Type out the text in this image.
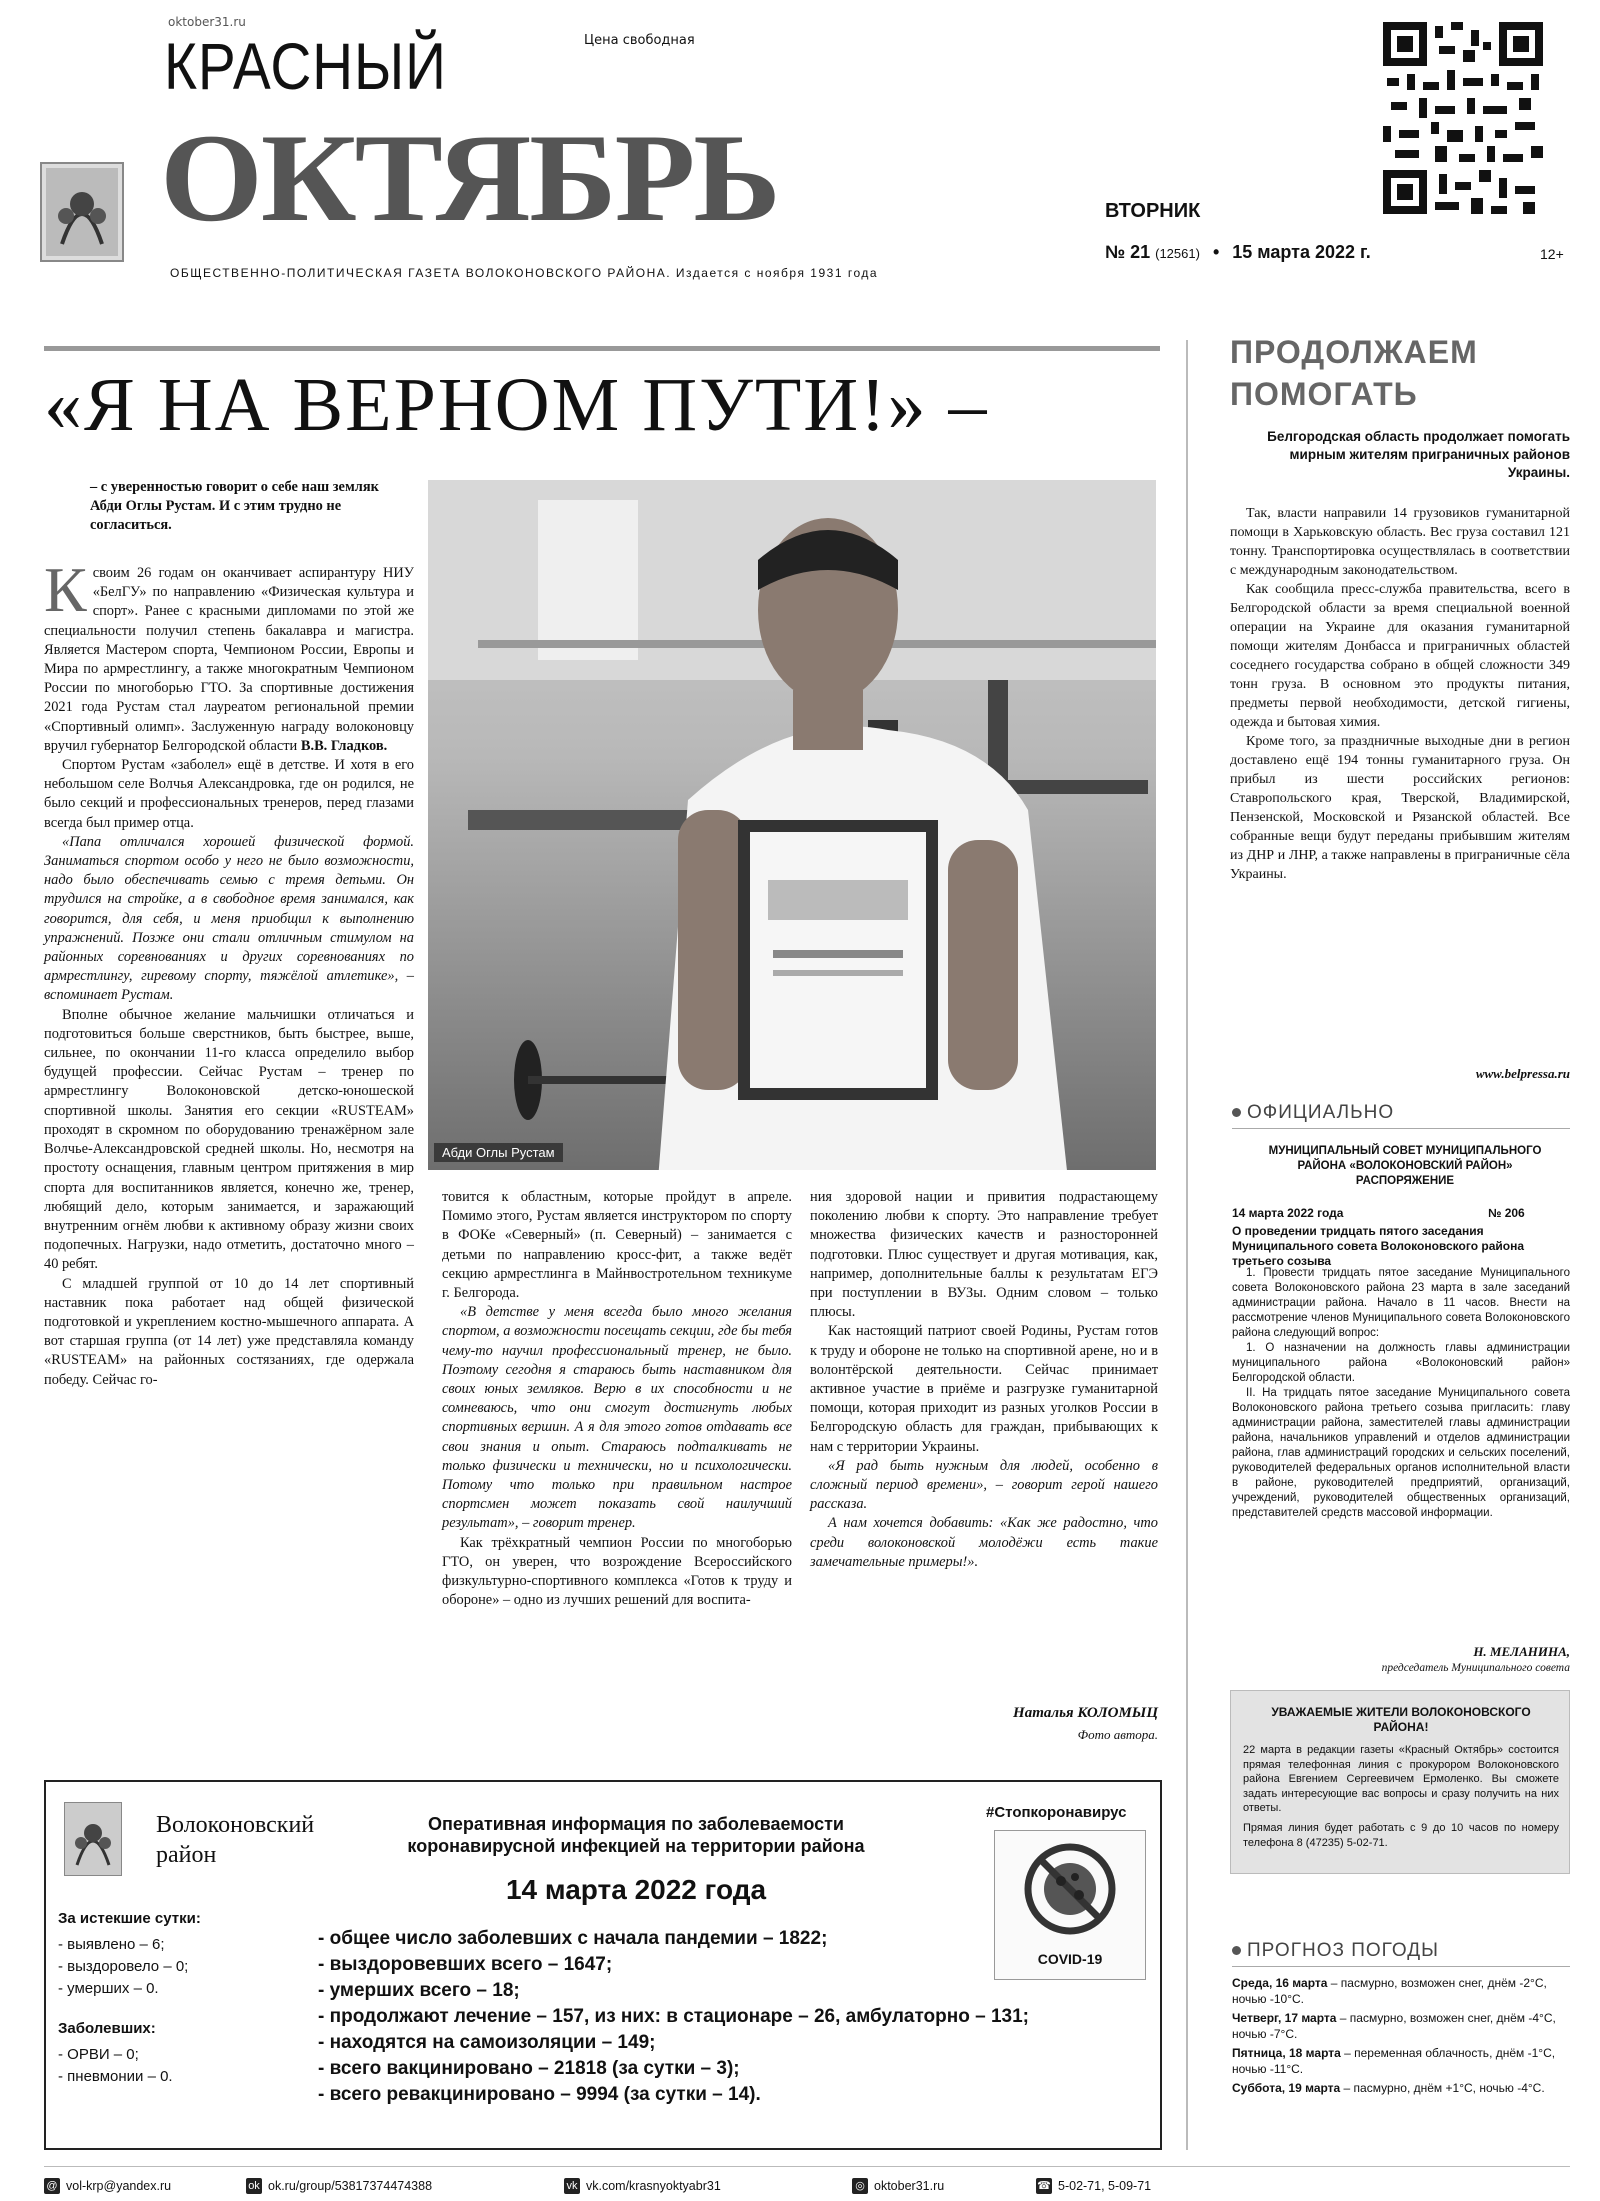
oktober31.ru
КРАСНЫЙ	Цена свободная
ОКТЯБРЬ	ВТОРНИК
№ 21 (12561) • 15 марта 2022 г.	12+
ОБЩЕСТВЕННО-ПОЛИТИЧЕСКАЯ ГАЗЕТА ВОЛОКОНОВСКОГО РАЙОНА. Издается с ноября 1931 года
«Я НА ВЕРНОМ ПУТИ!» –
– с уверенностью говорит о себе наш земляк Абди Оглы Рустам. И с этим трудно не согласиться.
Абди Оглы Рустам

Ксвоим 26 годам он оканчивает аспирантуру НИУ «БелГУ» по направлению «Физическая культура и спорт». Ранее с красными дипломами по этой же специальности получил степень бакалавра и магистра. Является Мастером спорта, Чемпионом России, Европы и Мира по армрестлингу, а также многократным Чемпионом России по многоборью ГТО. За спортивные достижения 2021 года Рустам стал лауреатом региональной премии «Спортивный олимп». Заслуженную награду волоконовцу вручил губернатор Белгородской области В.В. Гладков.

Спортом Рустам «заболел» ещё в детстве. И хотя в его небольшом селе Волчья Александровка, где он родился, не было секций и профессиональных тренеров, перед глазами всегда был пример отца.

«Папа отличался хорошей физической формой. Заниматься спортом особо у него не было возможности, надо было обеспечивать семью с тремя детьми. Он трудился на стройке, а в свободное время занимался, как говорится, для себя, и меня приобщил к выполнению упражнений. Позже они стали отличным стимулом на районных соревнованиях и других соревнованиях по армрестлингу, гиревому спорту, тяжёлой атлетике», – вспоминает Рустам.

Вполне обычное желание мальчишки отличаться и подготовиться больше сверстников, быть быстрее, выше, сильнее, по окончании 11-го класса определило выбор будущей профессии. Сейчас Рустам – тренер по армрестлингу Волоконовской детско-юношеской спортивной школы. Занятия его секции «RUSTEAM» проходят в скромном по оборудованию тренажёрном зале Волчье-Александровской средней школы. Но, несмотря на простоту оснащения, главным центром притяжения в мир спорта для воспитанников является, конечно же, тренер, любящий дело, которым занимается, и заражающий внутренним огнём любви к активному образу жизни своих подопечных. Нагрузки, надо отметить, достаточно много – 40 ребят.

С младшей группой от 10 до 14 лет спортивный наставник пока работает над общей физической подготовкой и укреплением костно-мышечного аппарата. А вот старшая группа (от 14 лет) уже представляла команду «RUSTEAM» на районных состязаниях, где одержала победу. Сейчас го-

товится к областным, которые пройдут в апреле. Помимо этого, Рустам является инструктором по спорту в ФОКе «Северный» (п. Северный) – занимается с детьми по направлению кросс-фит, а также ведёт секцию армрестлинга в Майнвостротельном техникуме г. Белгорода.

«В детстве у меня всегда было много желания спортом, а возможности посещать секции, где бы тебя чему-то научил профессиональный тренер, не было. Поэтому сегодня я стараюсь быть наставником для своих юных земляков. Верю в их способности и не сомневаюсь, что они смогут достигнуть любых спортивных вершин. А я для этого готов отдавать все свои знания и опыт. Стараюсь подталкивать не только физически и технически, но и психологически. Потому что только при правильном настрое спортсмен может показать свой наилучший результат», – говорит тренер.

Как трёхкратный чемпион России по многоборью ГТО, он уверен, что возрождение Всероссийского физкультурно-спортивного комплекса «Готов к труду и обороне» – одно из лучших решений для воспита-

ния здоровой нации и привития подрастающему поколению любви к спорту. Это направление требует множества физических качеств и разносторонней подготовки. Плюс существует и другая мотивация, как, например, дополнительные баллы к результатам ЕГЭ при поступлении в ВУЗы. Одним словом – только плюсы.

Как настоящий патриот своей Родины, Рустам готов к труду и обороне не только на спортивной арене, но и в волонтёрской деятельности. Сейчас принимает активное участие в приёме и разгрузке гуманитарной помощи, которая приходит из разных уголков России в Белгородскую область для граждан, прибывающих к нам с территории Украины.

«Я рад быть нужным для людей, особенно в сложный период времени», – говорит герой нашего рассказа.

А нам хочется добавить: «Как же радостно, что среди волоконовской молодёжи есть такие замечательные примеры!».

Наталья КОЛОМЫЦ
Фото автора.
ПРОДОЛЖАЕМ
ПОМОГАТЬ
Белгородская область продолжает помогать мирным жителям приграничных районов Украины.

Так, власти направили 14 грузовиков гуманитарной помощи в Харьковскую область. Вес груза составил 121 тонну. Транспортировка осуществлялась в соответствии с международным законодательством.

Как сообщила пресс-служба правительства, всего в Белгородской области за время специальной военной операции на Украине для оказания гуманитарной помощи жителям Донбасса и приграничных областей соседнего государства собрано в общей сложности 349 тонн груза. В основном это продукты питания, предметы первой необходимости, детской гигиены, одежда и бытовая химия.

Кроме того, за праздничные выходные дни в регион доставлено ещё 194 тонны гуманитарного груза. Он прибыл из шести российских регионов: Ставропольского края, Тверской, Владимирской, Пензенской, Московской и Рязанской областей. Все собранные вещи будут переданы прибывшим жителям из ДНР и ЛНР, а также направлены в приграничные сёла Украины.

www.belpressa.ru
ОФИЦИАЛЬНО
МУНИЦИПАЛЬНЫЙ СОВЕТ МУНИЦИПАЛЬНОГО РАЙОНА «ВОЛОКОНОВСКИЙ РАЙОН» РАСПОРЯЖЕНИЕ
14 марта 2022 года	№ 206
О проведении тридцать пятого заседания Муниципального совета Волоконовского района третьего созыва

1. Провести тридцать пятое заседание Муниципального совета Волоконовского района 23 марта в зале заседаний администрации района. Начало в 11 часов. Внести на рассмотрение членов Муниципального совета Волоконовского района следующий вопрос:

1. О назначении на должность главы администрации муниципального района «Волоконовский район» Белгородской области.

II. На тридцать пятое заседание Муниципального совета Волоконовского района третьего созыва пригласить: главу администрации района, заместителей главы администрации района, начальников управлений и отделов администрации района, глав администраций городских и сельских поселений, руководителей федеральных органов исполнительной власти в районе, руководителей предприятий, организаций, учреждений, руководителей общественных организаций, представителей средств массовой информации.

Н. МЕЛАНИНА,
председатель Муниципального совета
УВАЖАЕМЫЕ ЖИТЕЛИ ВОЛОКОНОВСКОГО РАЙОНА!
22 марта в редакции газеты «Красный Октябрь» состоится прямая телефонная линия с прокурором Волоконовского района Евгением Сергеевичем Ермоленко. Вы сможете задать интересующие вас вопросы и сразу получить на них ответы.
Прямая линия будет работать с 9 до 10 часов по номеру телефона 8 (47235) 5-02-71.
ПРОГНОЗ ПОГОДЫ
Среда, 16 марта – пасмурно, возможен снег, днём -2°С, ночью -10°С.
Четверг, 17 марта – пасмурно, возможен снег, днём -4°С, ночью -7°С.
Пятница, 18 марта – переменная облачность, днём -1°С, ночью -11°С.
Суббота, 19 марта – пасмурно, днём +1°С, ночью -4°С.
Волоконовский
район
Оперативная информация по заболеваемости
коронавирусной инфекцией на территории района
14 марта 2022 года
#Стопкоронавирус
COVID-19
За истекшие сутки:
- выявлено – 6;
- выздоровело – 0;
- умерших – 0.
Заболевших:
- ОРВИ – 0;
- пневмонии – 0.
- общее число заболевших с начала пандемии – 1822;
- выздоровевших всего – 1647;
- умерших всего – 18;
- продолжают лечение – 157, из них: в стационаре – 26, амбулаторно – 131;
- находятся на самоизоляции – 149;
- всего вакцинировано – 21818 (за сутки – 3);
- всего ревакцинировано – 9994 (за сутки – 14).
@ vol-krp@yandex.ru	ok ok.ru/group/53817374474388	vk vk.com/krasnyoktyabr31	◎ oktober31.ru	☎ 5-02-71, 5-09-71
